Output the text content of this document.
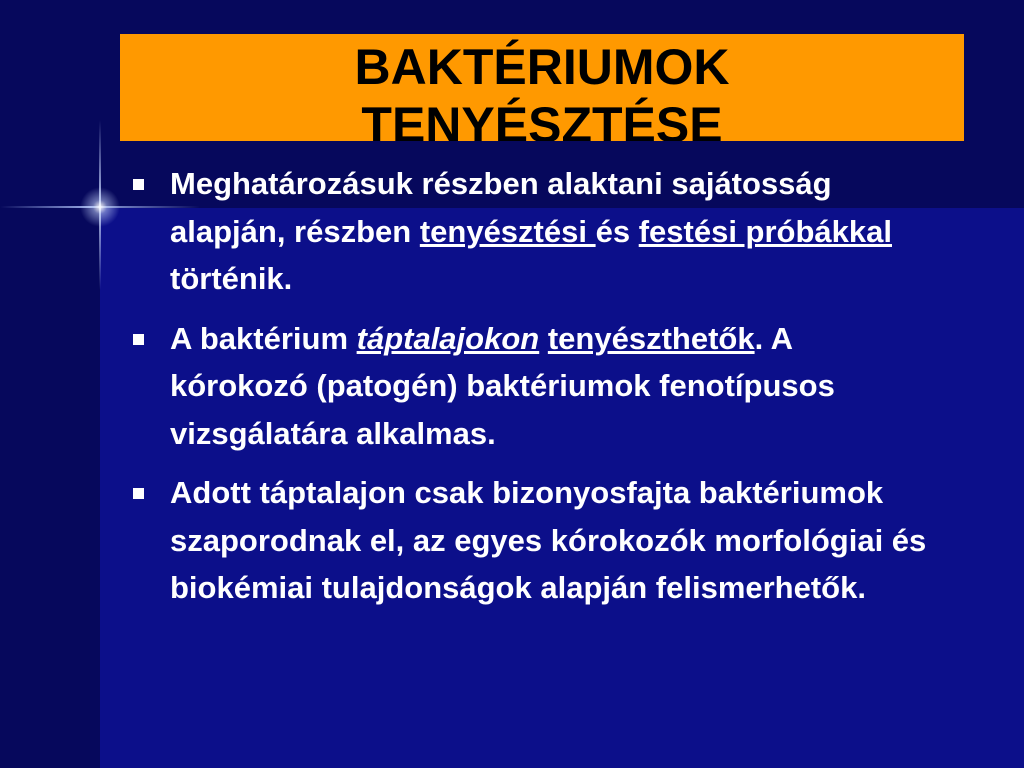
BAKTÉRIUMOK
TENYÉSZTÉSE
Meghatározásuk részben alaktani sajátosság alapján, részben tenyésztési és festési próbákkal történik.
A baktérium táptalajokon tenyészthetők. A kórokozó (patogén) baktériumok fenotípusos vizsgálatára alkalmas.
Adott táptalajon csak bizonyosfajta baktériumok szaporodnak el, az egyes kórokozók morfológiai és biokémiai tulajdonságok alapján felismerhetők.
